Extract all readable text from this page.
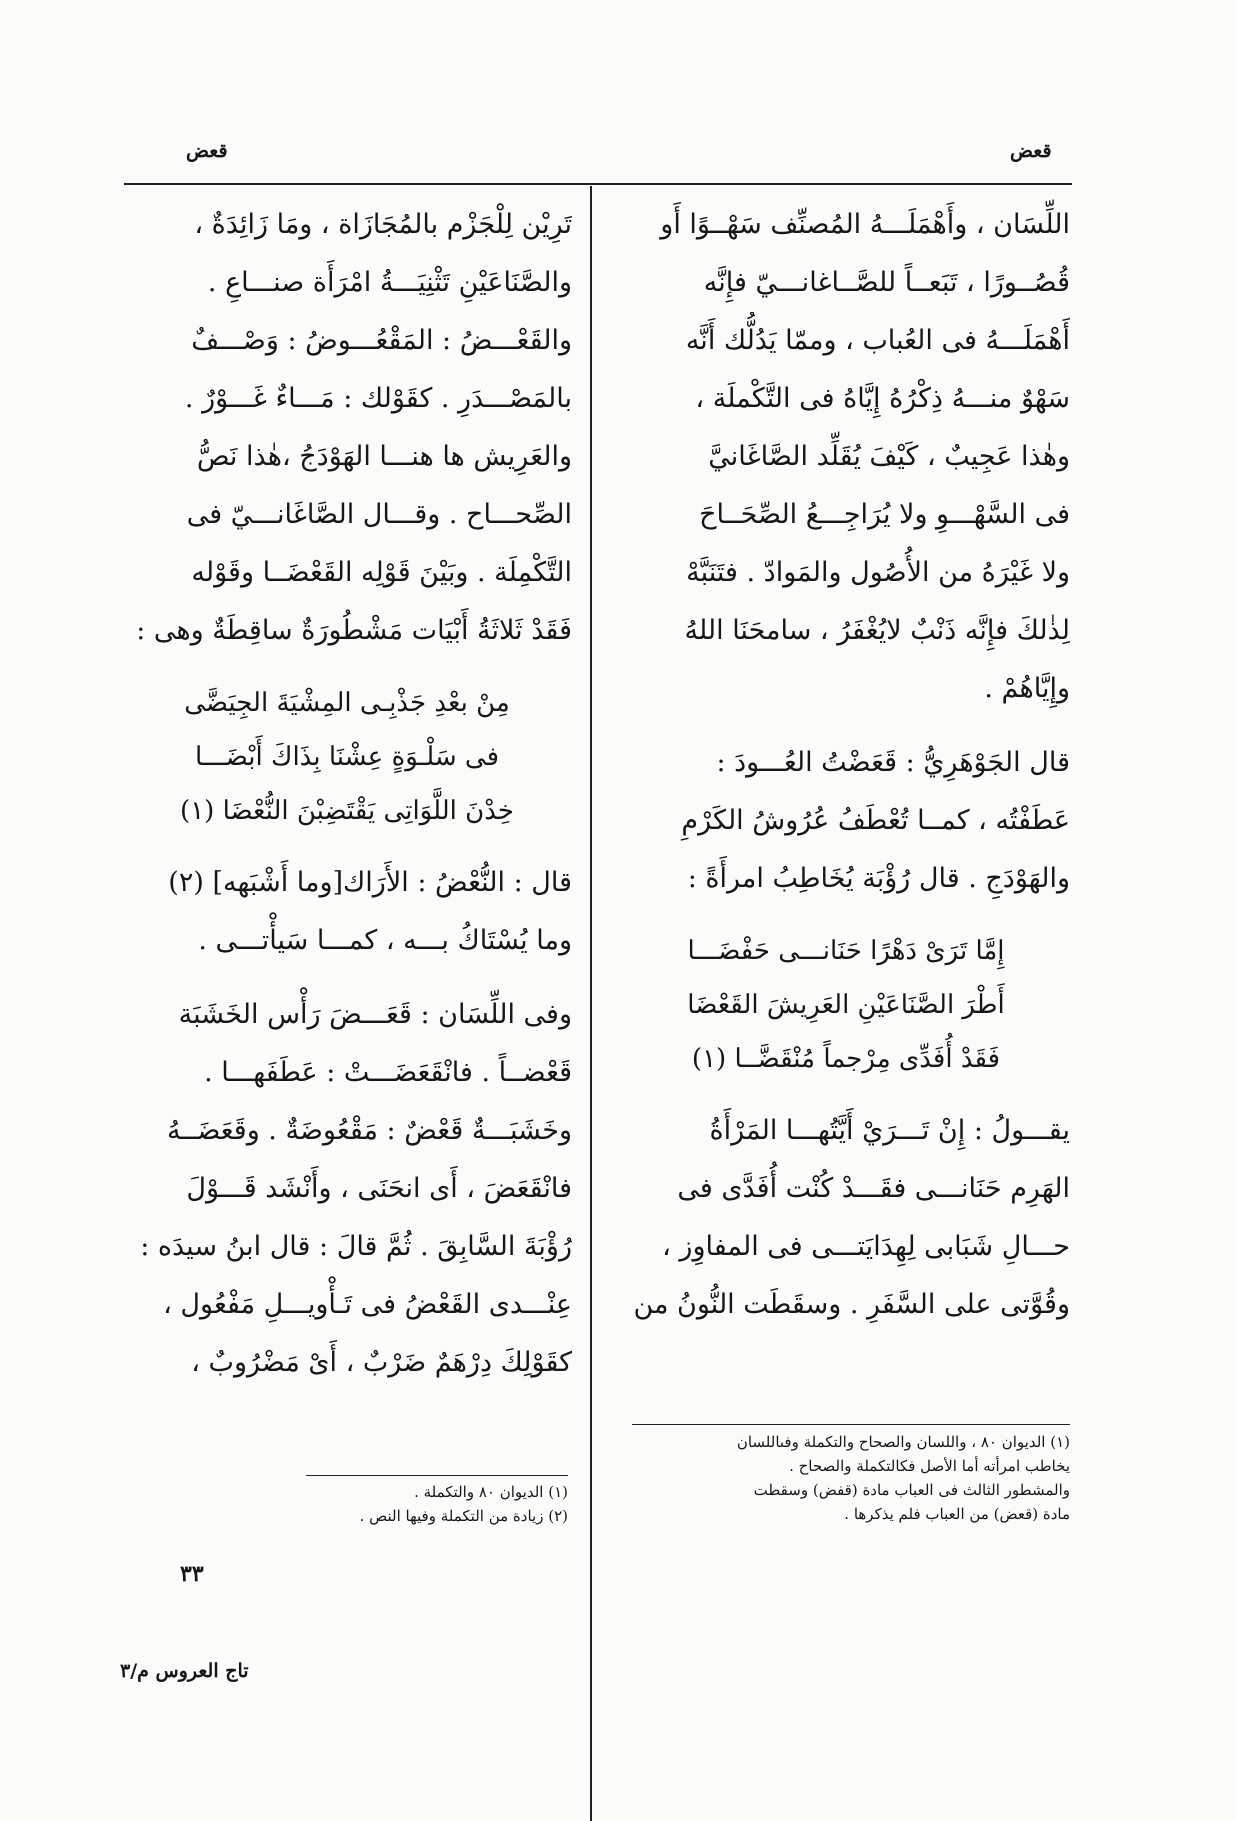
قعض
قعض
اللِّسَان ، وأَهْمَلَـــهُ المُصنِّف سَهْــوًا أَو
قُصُــورًا ، تَبَعــاً للصَّــاغانـــيّ فإِنَّه
أَهْمَلَـــهُ فى العُباب ، وممّا يَدُلُّك أَنَّه
سَهْوٌ منـــهُ ذِكْرُهُ إِيَّاهُ فى التَّكْملَة ،
وهٰذا عَجِيبٌ ، كَيْفَ يُقَلِّد الصَّاغَانيَّ
فى السَّهْـــوِ ولا يُرَاجِـــعُ الصِّحَــاحَ
ولا غَيْرَهُ من الأُصُول والمَوادّ . فتَنَبَّهْ
لِذٰلكَ فإِنَّه ذَنْبٌ لايُغْفَرُ ، سامحَنَا اللهُ
وإِيَّاهُمْ .
قال الجَوْهَرِيُّ : قَعَضْتُ العُـــودَ :
عَطَفْتُه ، كمــا تُعْطَفُ عُرُوشُ الكَرْمِ
والهَوْدَجِ . قال رُؤْبَة يُخَاطِبُ امرأَةً :
إِمَّا تَرَىْ دَهْرًا حَنَانـــى حَفْضَـــا
أَطْرَ الصَّنَاعَيْنِ العَرِيشَ القَعْضَا
فَقَدْ أُفَدِّى مِرْجماً مُنْقَضَّــا (١)
يقـــولُ : إِنْ تَـــرَيْ أَيَّتُهـــا المَرْأَةُ
الهَرِم حَنَانـــى فقَـــدْ كُنْت أُفَدَّى فى
حـــالِ شَبَابى لِهِدَايَتـــى فى المفاوِز ،
وقُوَّتى على السَّفَرِ . وسقَطَت النُّونُ من
تَرِيْن لِلْجَزْم بالمُجَازَاة ، ومَا زَائِدَةٌ ،
والصَّنَاعَيْنِ تَثْنِيَـــةُ امْرَأَة صنـــاعِ .
والقَعْـــضُ : المَقْعُـــوضُ : وَصْـــفٌ
بالمَصْـــدَرِ . كقَوْلك : مَـــاءٌ غَـــوْرٌ .
والعَرِيش ها هنـــا الهَوْدَجُ ،هٰذا نَصُّ
الصِّحـــاح . وقـــال الصَّاغَانـــيّ فى
التَّكْمِلَة . وبَيْنَ قَوْلِه القَعْضَــا وقَوْله
فَقَدْ ثَلاثَةُ أَبْيَات مَشْطُورَةٌ ساقِطَةٌ وهى :
مِنْ بعْدِ جَذْبِـى المِشْيَةَ الجِيَضَّى
فى سَلْـوَةٍ عِشْنَا بِذَاكَ أَبْضَـــا
خِدْنَ اللَّوَاتِى يَقْتَضِبْنَ النُّعْضَا (١)
قال : النُّعْضُ : الأَرَاك[وما أَشْبَهه] (٢)
وما يُسْتَاكُ بـــه ، كمـــا سَيأْتـــى .
وفى اللِّسَان : قَعَـــضَ رَأْس الخَشَبَة
قَعْضــاً . فانْقَعَضَـــتْ : عَطَفَهـــا .
وخَشَبَـــةٌ قَعْضٌ : مَقْعُوضَةٌ . وقَعَضَــهُ
فانْقَعَضَ ، أَى انحَنَى ، وأَنْشَد قَـــوْلَ
رُؤْبَةَ السَّابِقَ . ثُمَّ قالَ : قال ابنُ سيدَه :
عِنْـــدى القَعْضُ فى تَـأْويـــلِ مَفْعُول ،
كقَوْلِكَ دِرْهَمٌ ضَرْبٌ ، أَىْ مَضْرُوبٌ ،
(١) الديوان ٨٠ ، واللسان والصحاح والتكملة وفىاللسان
يخاطب امرأته أما الأصل فكالتكملة والصحاح .
والمشطور الثالث فى العباب مادة (قفض) وسقطت
مادة (قعض) من العباب فلم يذكرها .
(١) الديوان ٨٠ والتكملة .
(٢) زيادة من التكملة وفيها النص .
٣٣
تاج العروس م/٣
